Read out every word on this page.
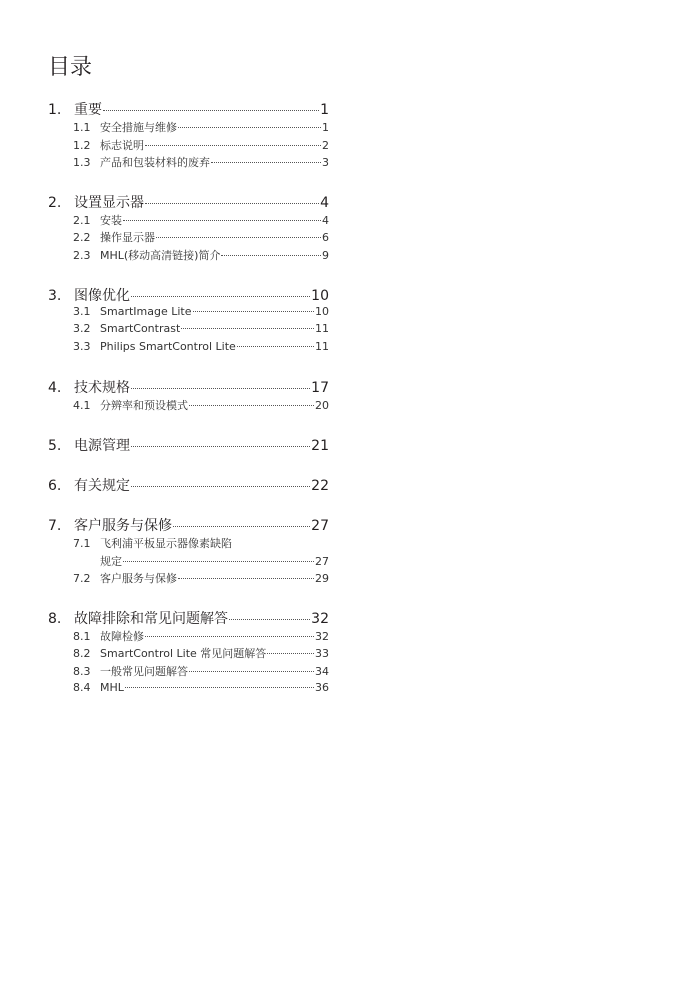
目录
1. 重要	1
1.1 安全措施与维修	1
1.2 标志说明	2
1.3 产品和包装材料的废弃	3
2. 设置显示器	4
2.1 安装	4
2.2 操作显示器	6
2.3 MHL(移动高清链接)简介	9
3. 图像优化	10
3.1 SmartImage Lite	10
3.2 SmartContrast	11
3.3 Philips SmartControl Lite	11
4. 技术规格	17
4.1 分辨率和预设模式	20
5. 电源管理	21
6. 有关规定	22
7. 客户服务与保修	27
7.1 飞利浦平板显示器像素缺陷
规定	27
7.2 客户服务与保修	29
8. 故障排除和常见问题解答	32
8.1 故障检修	32
8.2 SmartControl Lite 常见问题解答	33
8.3 一般常见问题解答	34
8.4 MHL	36
